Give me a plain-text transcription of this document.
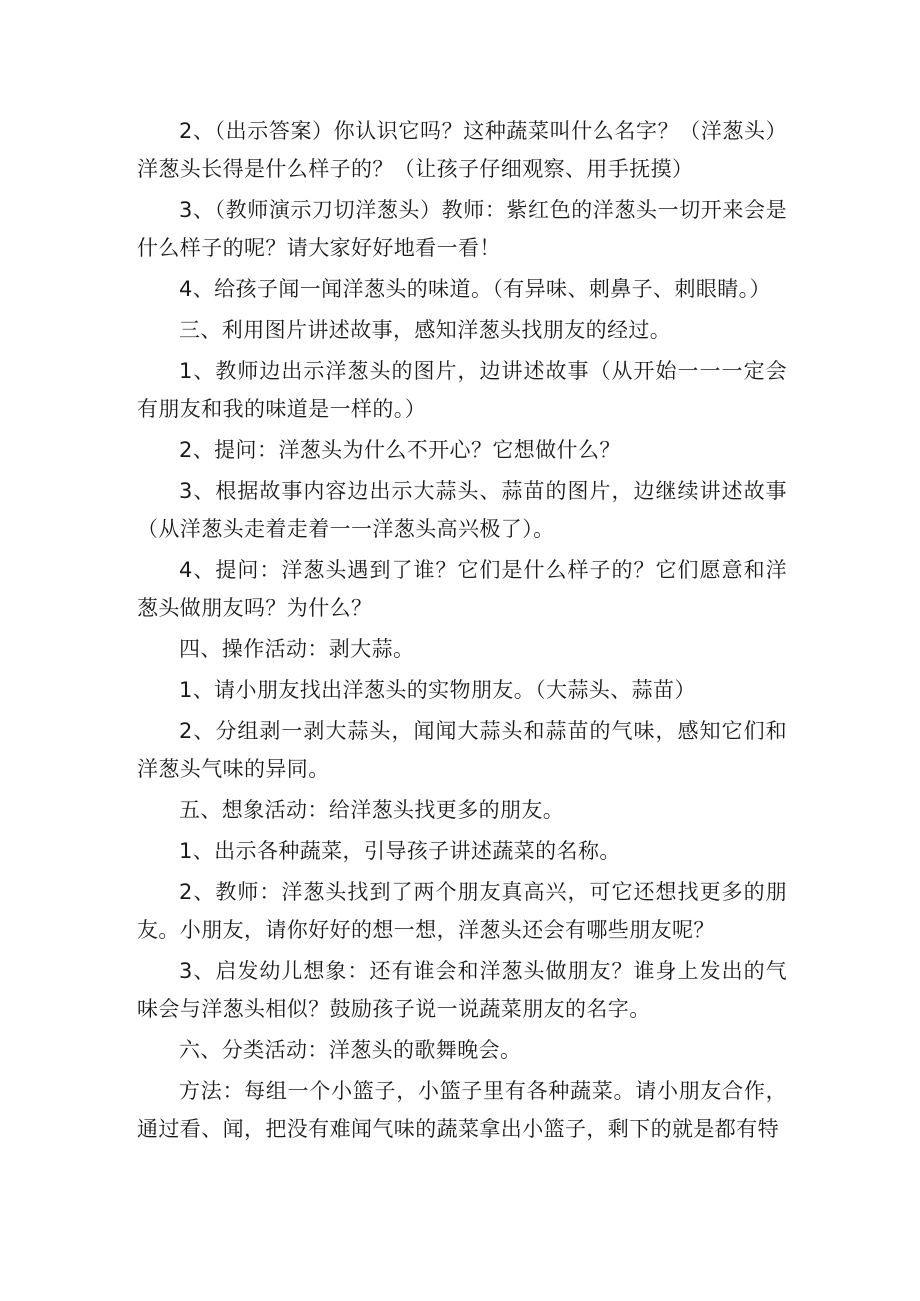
2、（出示答案）你认识它吗？这种蔬菜叫什么名字？（洋葱头）洋葱头长得是什么样子的？（让孩子仔细观察、用手抚摸）

3、（教师演示刀切洋葱头）教师：紫红色的洋葱头一切开来会是什么样子的呢？请大家好好地看一看！

4、给孩子闻一闻洋葱头的味道。（有异味、刺鼻子、刺眼睛。）

三、利用图片讲述故事，感知洋葱头找朋友的经过。

1、教师边出示洋葱头的图片，边讲述故事（从开始一一一定会有朋友和我的味道是一样的。）

2、提问：洋葱头为什么不开心？它想做什么？

3、根据故事内容边出示大蒜头、蒜苗的图片，边继续讲述故事（从洋葱头走着走着一一洋葱头高兴极了）。

4、提问：洋葱头遇到了谁？它们是什么样子的？它们愿意和洋葱头做朋友吗？为什么？

四、操作活动：剥大蒜。

1、请小朋友找出洋葱头的实物朋友。（大蒜头、蒜苗）

2、分组剥一剥大蒜头，闻闻大蒜头和蒜苗的气味，感知它们和洋葱头气味的异同。

五、想象活动：给洋葱头找更多的朋友。

1、出示各种蔬菜，引导孩子讲述蔬菜的名称。

2、教师：洋葱头找到了两个朋友真高兴，可它还想找更多的朋友。小朋友，请你好好的想一想，洋葱头还会有哪些朋友呢？

3、启发幼儿想象：还有谁会和洋葱头做朋友？谁身上发出的气味会与洋葱头相似？鼓励孩子说一说蔬菜朋友的名字。

六、分类活动：洋葱头的歌舞晚会。

方法：每组一个小篮子，小篮子里有各种蔬菜。请小朋友合作，通过看、闻，把没有难闻气味的蔬菜拿出小篮子，剩下的就是都有特
